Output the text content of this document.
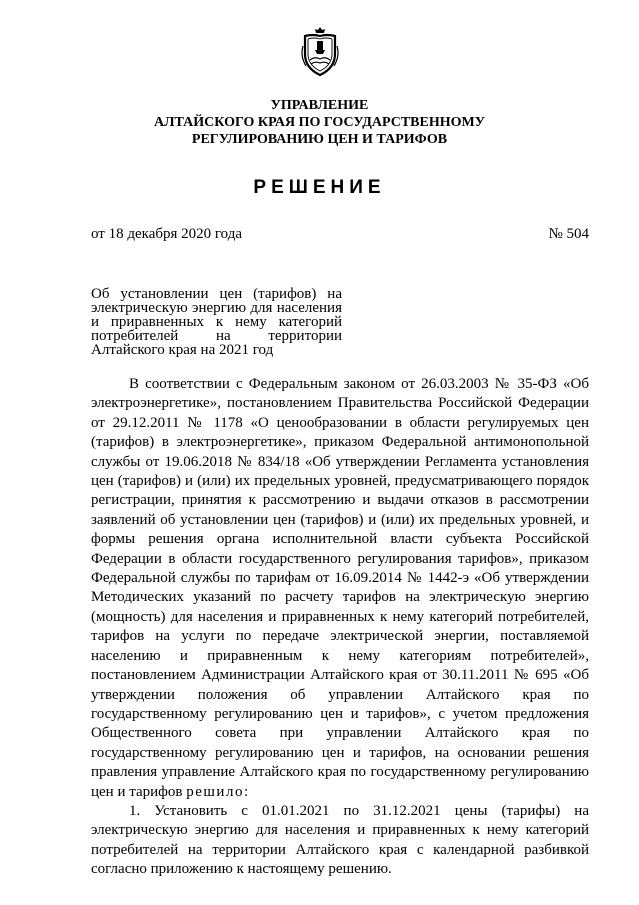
УПРАВЛЕНИЕ
АЛТАЙСКОГО КРАЯ ПО ГОСУДАРСТВЕННОМУ
РЕГУЛИРОВАНИЮ ЦЕН И ТАРИФОВ
РЕШЕНИЕ
от 18 декабря 2020 года	№ 504
Об установлении цен (тарифов) на электрическую энергию для населения и приравненных к нему категорий потребителей на территории Алтайского края на 2021 год

В соответствии с Федеральным законом от 26.03.2003 № 35-ФЗ «Об электроэнергетике», постановлением Правительства Российской Федерации от 29.12.2011 № 1178 «О ценообразовании в области регулируемых цен (тарифов) в электроэнергетике», приказом Федеральной антимонопольной службы от 19.06.2018 № 834/18 «Об утверждении Регламента установления цен (тарифов) и (или) их предельных уровней, предусматривающего порядок регистрации, принятия к рассмотрению и выдачи отказов в рассмотрении заявлений об установлении цен (тарифов) и (или) их предельных уровней, и формы решения органа исполнительной власти субъекта Российской Федерации в области государственного регулирования тарифов», приказом Федеральной службы по тарифам от 16.09.2014 № 1442-э «Об утверждении Методических указаний по расчету тарифов на электрическую энергию (мощность) для населения и приравненных к нему категорий потребителей, тарифов на услуги по передаче электрической энергии, поставляемой населению и приравненным к нему категориям потребителей», постановлением Администрации Алтайского края от 30.11.2011 № 695 «Об утверждении положения об управлении Алтайского края по государственному регулированию цен и тарифов», с учетом предложения Общественного совета при управлении Алтайского края по государственному регулированию цен и тарифов, на основании решения правления управление Алтайского края по государственному регулированию цен и тарифов решило:

1. Установить с 01.01.2021 по 31.12.2021 цены (тарифы) на электрическую энергию для населения и приравненных к нему категорий потребителей на территории Алтайского края с календарной разбивкой согласно приложению к настоящему решению.
